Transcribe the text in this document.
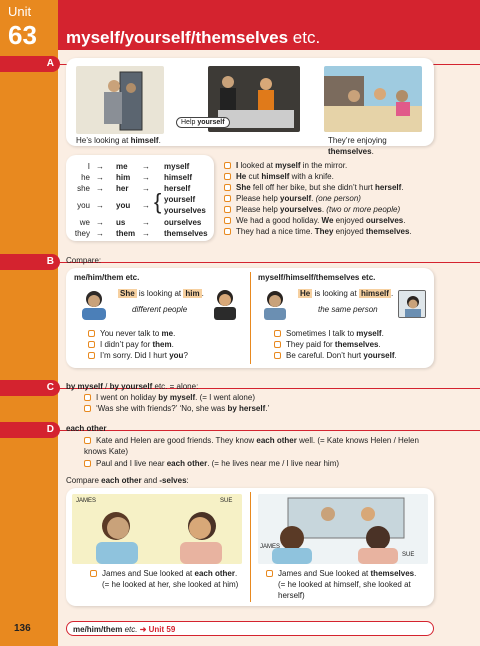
Unit
63 myself/yourself/themselves etc.
A
Help yourself
He’s looking at himself.	They’re enjoying themselves.
I → me → myself
he → him → himself
she → her → herself
you → you → { yourself
yourselves
we → us → ourselves
they → them → themselves
I looked at myself in the mirror.
He cut himself with a knife.
She fell off her bike, but she didn’t hurt herself.
Please help yourself. (one person)
Please help yourselves. (two or more people)
We had a good holiday. We enjoyed ourselves.
They had a nice time. They enjoyed themselves.
B	Compare:
me/him/them etc.
She is looking at him .
different people
You never talk to me.
I didn’t pay for them.
I’m sorry. Did I hurt you?
myself/himself/themselves etc.
He is looking at himself .
the same person
Sometimes I talk to myself.
They paid for themselves.
Be careful. Don’t hurt yourself.
C	by myself / by yourself etc. = alone:
I went on holiday by myself. (= I went alone)
‘Was she with friends?’ ‘No, she was by herself.’
D	each other
Kate and Helen are good friends. They know each other well. (= Kate knows Helen / Helen knows Kate)
Paul and I live near each other. (= he lives near me / I live near him)
Compare each other and -selves:
JAMES	SUE
JAMES
SUE
James and Sue looked at each other.
(= he looked at her, she looked at him)
James and Sue looked at themselves.
(= he looked at himself, she looked at herself)
136	me/him/them etc. ➜ Unit 59
